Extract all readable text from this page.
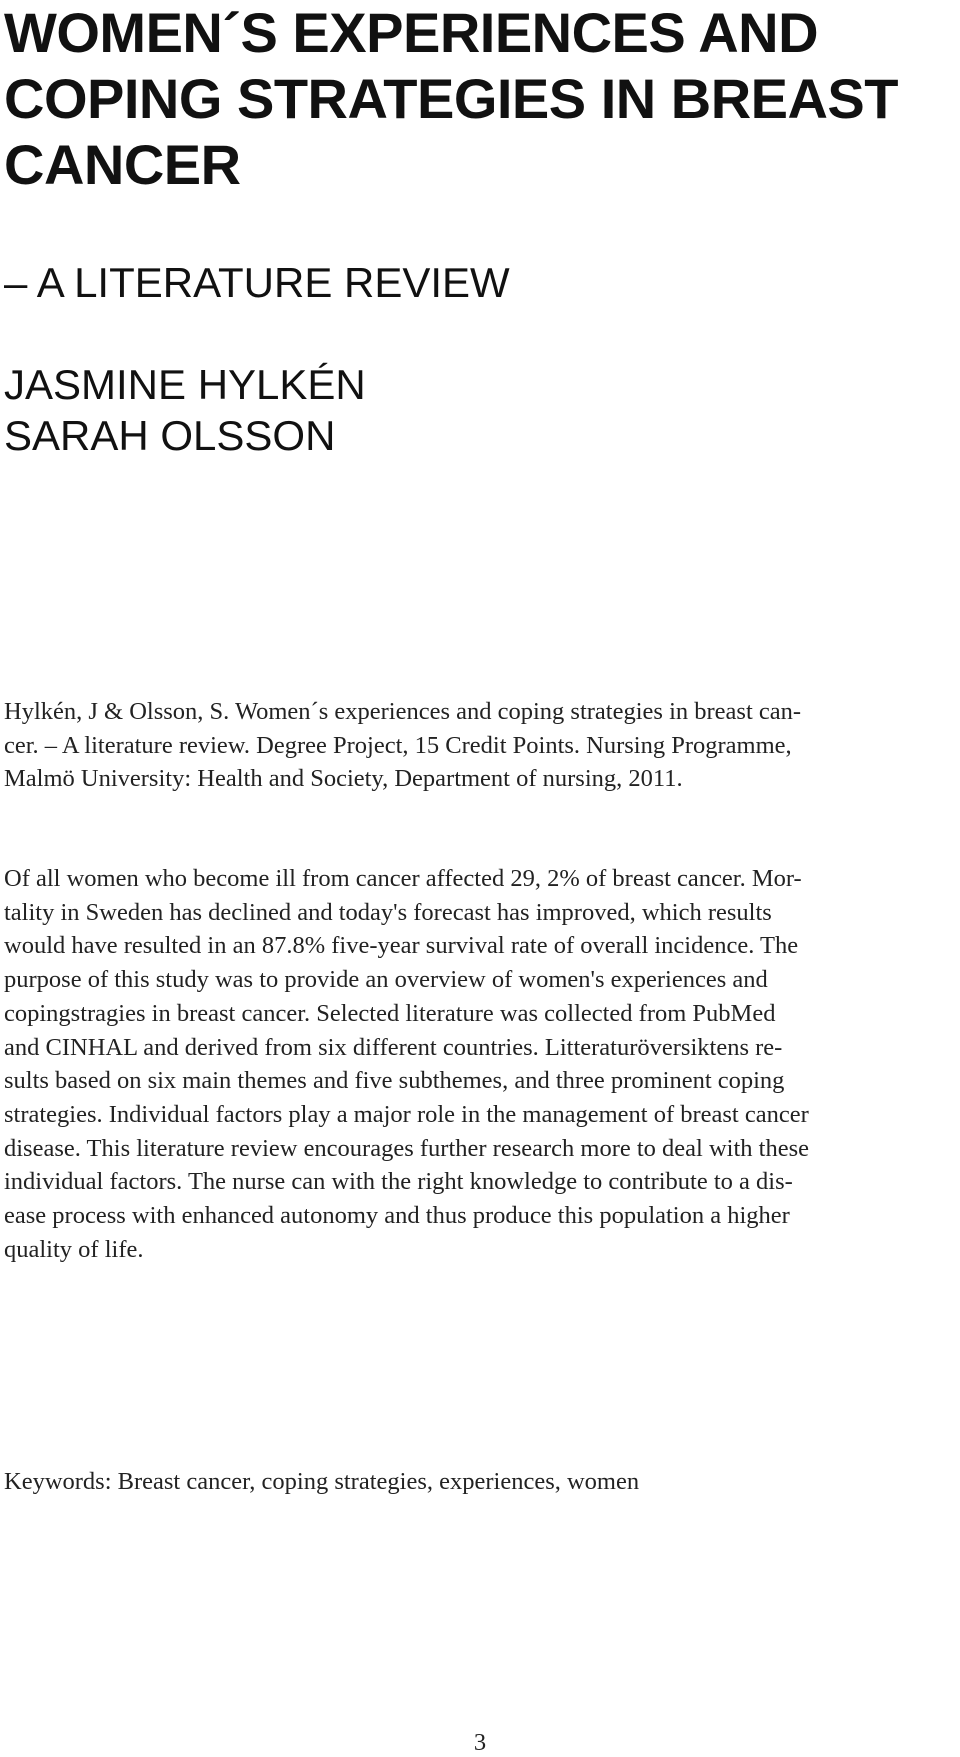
WOMEN´S EXPERIENCES AND
COPING STRATEGIES IN BREAST
CANCER
– A LITERATURE REVIEW
JASMINE HYLKÉN
SARAH OLSSON
Hylkén, J & Olsson, S. Women´s experiences and coping strategies in breast can-
cer. – A literature review. Degree Project, 15 Credit Points. Nursing Programme,
Malmö University: Health and Society, Department of nursing, 2011.
Of all women who become ill from cancer affected 29, 2% of breast cancer. Mor-
tality in Sweden has declined and today's forecast has improved, which results
would have resulted in an 87.8% five-year survival rate of overall incidence. The
purpose of this study was to provide an overview of women's experiences and
copingstragies in breast cancer. Selected literature was collected from PubMed
and CINHAL and derived from six different countries. Litteraturöversiktens re-
sults based on six main themes and five subthemes, and three prominent coping
strategies. Individual factors play a major role in the management of breast cancer
disease. This literature review encourages further research more to deal with these
individual factors. The nurse can with the right knowledge to contribute to a dis-
ease process with enhanced autonomy and thus produce this population a higher
quality of life.
Keywords: Breast cancer, coping strategies, experiences, women
3
